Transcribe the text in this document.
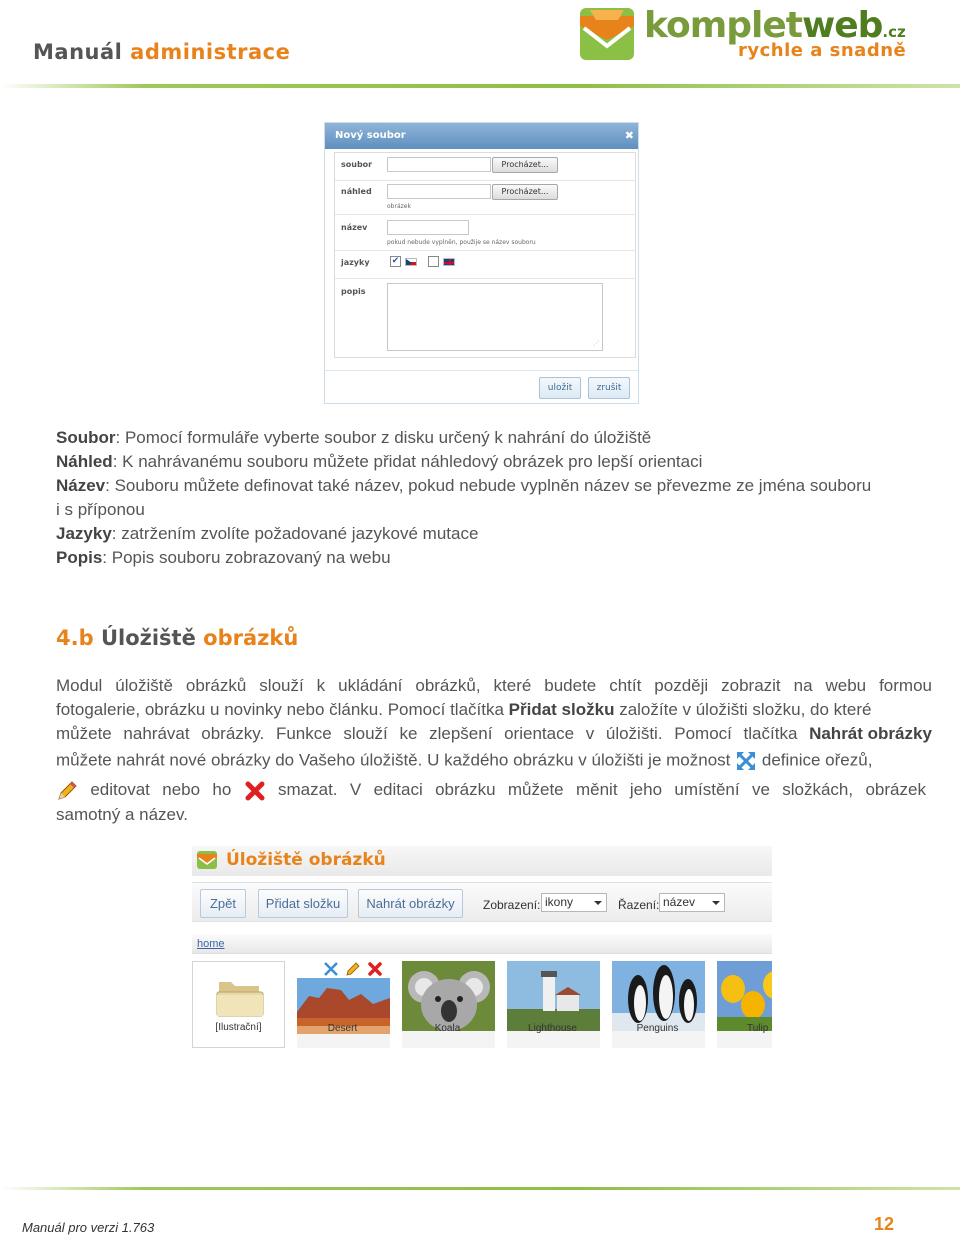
Manuál administrace
kompletweb.cz
rychle a snadně
Nový soubor	✖
soubor	Procházet...
náhled	Procházet...
obrázek
název
pokud nebude vyplněn, použije se název souboru
jazyky ✔
popis
⋰
uložit	zrušit
Soubor: Pomocí formuláře vyberte soubor z disku určený k nahrání do úložiště
Náhled: K nahrávanému souboru můžete přidat náhledový obrázek pro lepší orientaci
Název: Souboru můžete definovat také název, pokud nebude vyplněn název se převezme ze jména souboru
i s příponou
Jazyky: zatržením zvolíte požadované jazykové mutace
Popis: Popis souboru zobrazovaný na webu
4.b Úložiště obrázků
Modul úložiště obrázků slouží k ukládání obrázků, které budete chtít později zobrazit na webu formou
fotogalerie, obrázku u novinky nebo článku. Pomocí tlačítka Přidat složku založíte v úložišti složku, do které
můžete nahrávat obrázky. Funkce slouží ke zlepšení orientace v úložišti. Pomocí tlačítka Nahrát obrázky
můžete nahrát nové obrázky do Vašeho úložiště. U každého obrázku v úložišti je možnost definice ořezů,
editovat nebo ho	smazat. V editaci obrázku můžete měnit jeho umístění ve složkách, obrázek
samotný a název.
Úložiště obrázků
Zpět	Přidat složku	Nahrát obrázky	Zobrazení: ikony	Řazení: název
home
[Ilustrační]	Desert	Koala	Lighthouse	Penguins	Tulip
Manuál pro verzi 1.763	12
